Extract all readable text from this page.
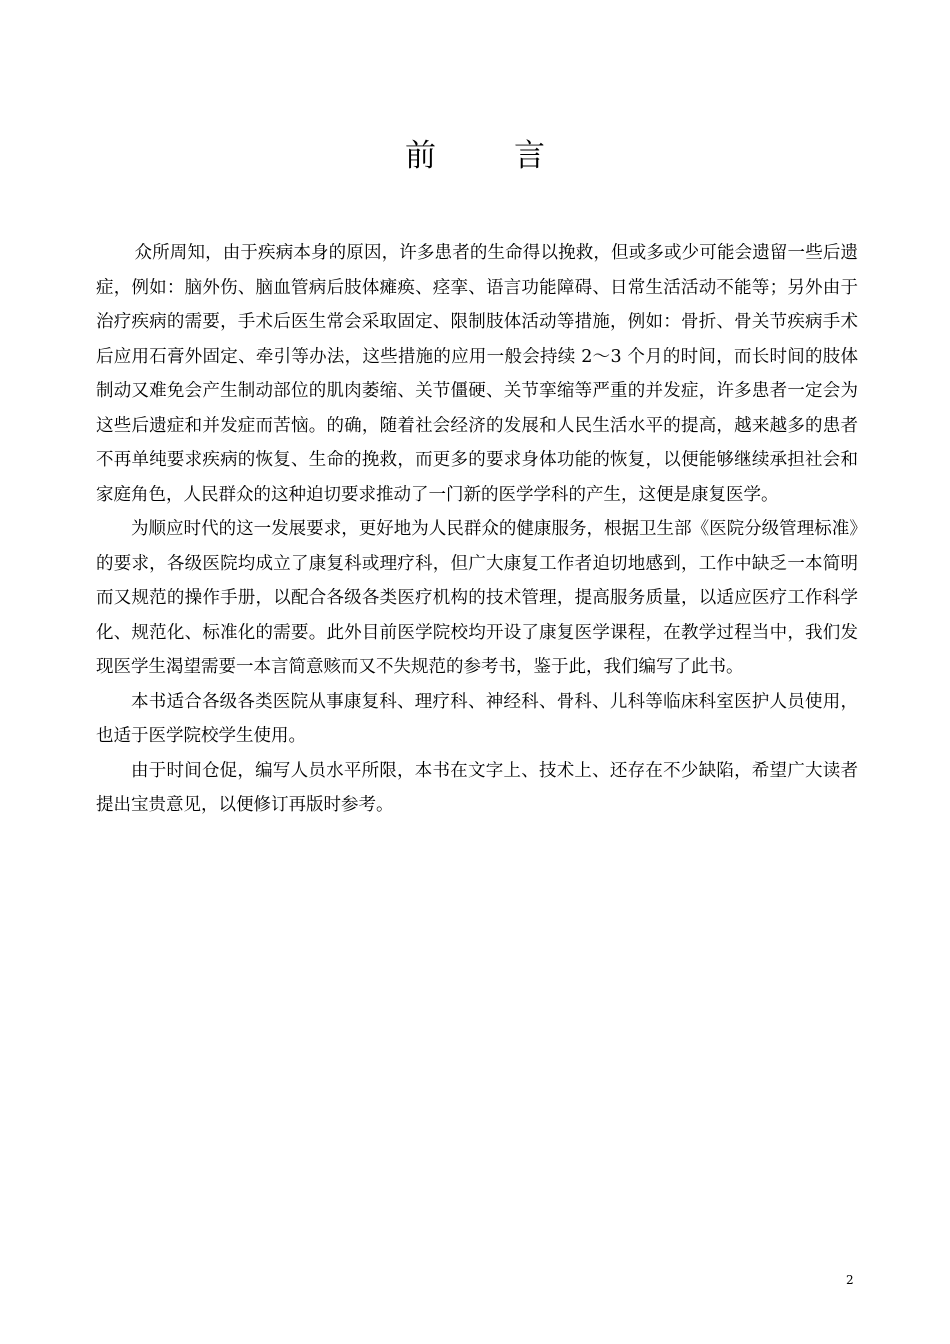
前言

众所周知，由于疾病本身的原因，许多患者的生命得以挽救，但或多或少可能会遗留一些后遗症，例如：脑外伤、脑血管病后肢体瘫痪、痉挛、语言功能障碍、日常生活活动不能等；另外由于治疗疾病的需要，手术后医生常会采取固定、限制肢体活动等措施，例如：骨折、骨关节疾病手术后应用石膏外固定、牵引等办法，这些措施的应用一般会持续 2～3 个月的时间，而长时间的肢体制动又难免会产生制动部位的肌肉萎缩、关节僵硬、关节挛缩等严重的并发症，许多患者一定会为这些后遗症和并发症而苦恼。的确，随着社会经济的发展和人民生活水平的提高，越来越多的患者不再单纯要求疾病的恢复、生命的挽救，而更多的要求身体功能的恢复，以便能够继续承担社会和家庭角色，人民群众的这种迫切要求推动了一门新的医学学科的产生，这便是康复医学。

为顺应时代的这一发展要求，更好地为人民群众的健康服务，根据卫生部《医院分级管理标准》的要求，各级医院均成立了康复科或理疗科，但广大康复工作者迫切地感到，工作中缺乏一本简明而又规范的操作手册，以配合各级各类医疗机构的技术管理，提高服务质量，以适应医疗工作科学化、规范化、标准化的需要。此外目前医学院校均开设了康复医学课程，在教学过程当中，我们发现医学生渴望需要一本言简意赅而又不失规范的参考书，鉴于此，我们编写了此书。

本书适合各级各类医院从事康复科、理疗科、神经科、骨科、儿科等临床科室医护人员使用，也适于医学院校学生使用。

由于时间仓促，编写人员水平所限，本书在文字上、技术上、还存在不少缺陷，希望广大读者提出宝贵意见，以便修订再版时参考。

2
